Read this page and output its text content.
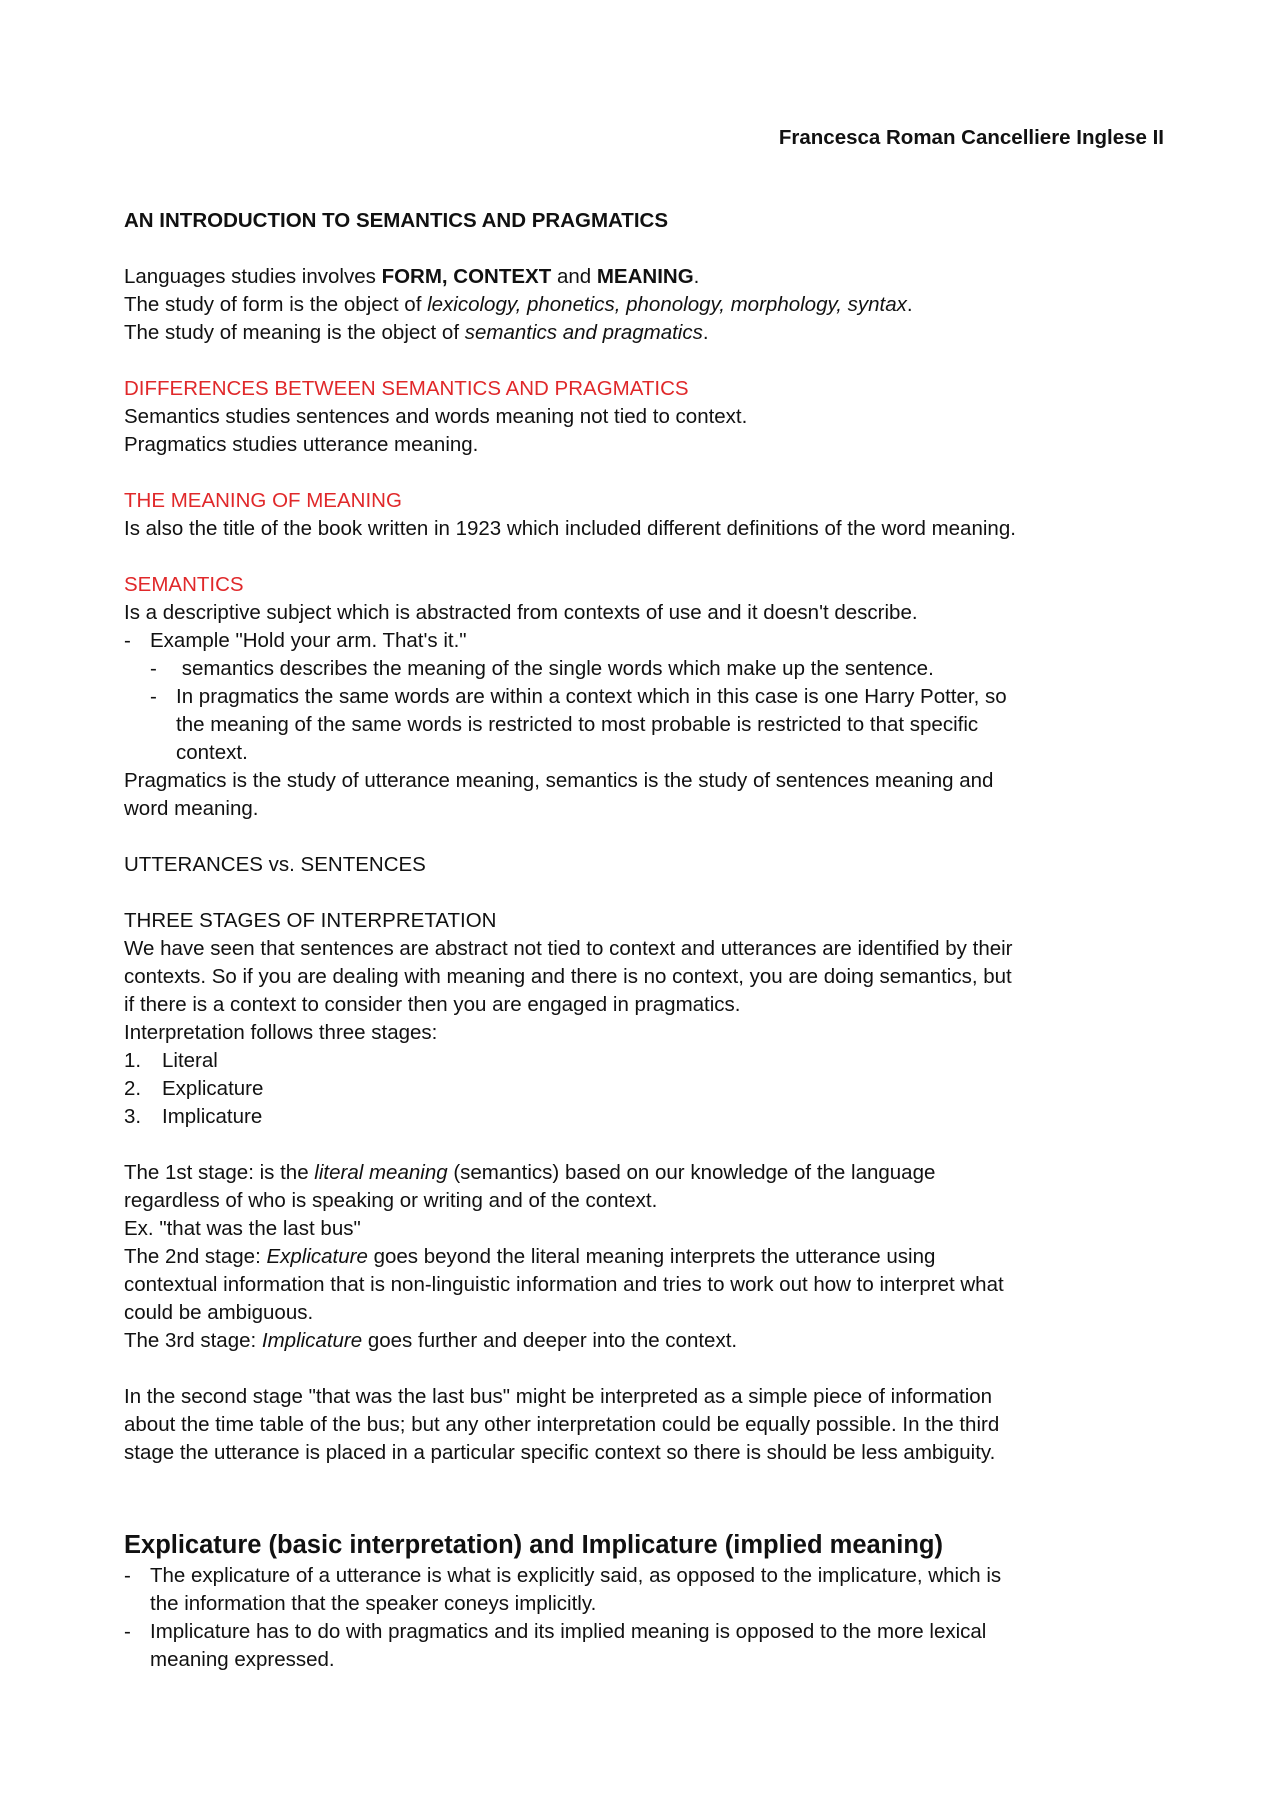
Francesca Roman Cancelliere Inglese II
AN INTRODUCTION TO SEMANTICS AND PRAGMATICS
Languages studies involves FORM, CONTEXT and MEANING.
The study of form is the object of lexicology, phonetics, phonology, morphology, syntax.
The study of meaning is the object of semantics and pragmatics.
DIFFERENCES BETWEEN SEMANTICS AND PRAGMATICS
Semantics studies sentences and words meaning not tied to context.
Pragmatics studies utterance meaning.
THE MEANING OF MEANING
Is also the title of the book written in 1923 which included different definitions of the word meaning.
SEMANTICS
Is a descriptive subject which is abstracted from contexts of use and it doesn't describe.
- Example "Hold your arm. That's it."
- semantics describes the meaning of the single words which make up the sentence.
- In pragmatics the same words are within a context which in this case is one Harry Potter, so
the meaning of the same words is restricted to most probable is restricted to that specific
context.
Pragmatics is the study of utterance meaning, semantics is the study of sentences meaning and
word meaning.
UTTERANCES vs. SENTENCES
THREE STAGES OF INTERPRETATION
We have seen that sentences are abstract not tied to context and utterances are identified by their
contexts. So if you are dealing with meaning and there is no context, you are doing semantics, but
if there is a context to consider then you are engaged in pragmatics.
Interpretation follows three stages:
1. Literal
2. Explicature
3. Implicature
The 1st stage: is the literal meaning (semantics) based on our knowledge of the language
regardless of who is speaking or writing and of the context.
Ex. "that was the last bus"
The 2nd stage: Explicature goes beyond the literal meaning interprets the utterance using
contextual information that is non-linguistic information and tries to work out how to interpret what
could be ambiguous.
The 3rd stage: Implicature goes further and deeper into the context.
In the second stage "that was the last bus" might be interpreted as a simple piece of information
about the time table of the bus; but any other interpretation could be equally possible. In the third
stage the utterance is placed in a particular specific context so there is should be less ambiguity.
Explicature (basic interpretation) and Implicature (implied meaning)
- The explicature of a utterance is what is explicitly said, as opposed to the implicature, which is
the information that the speaker coneys implicitly.
- Implicature has to do with pragmatics and its implied meaning is opposed to the more lexical
meaning expressed.
